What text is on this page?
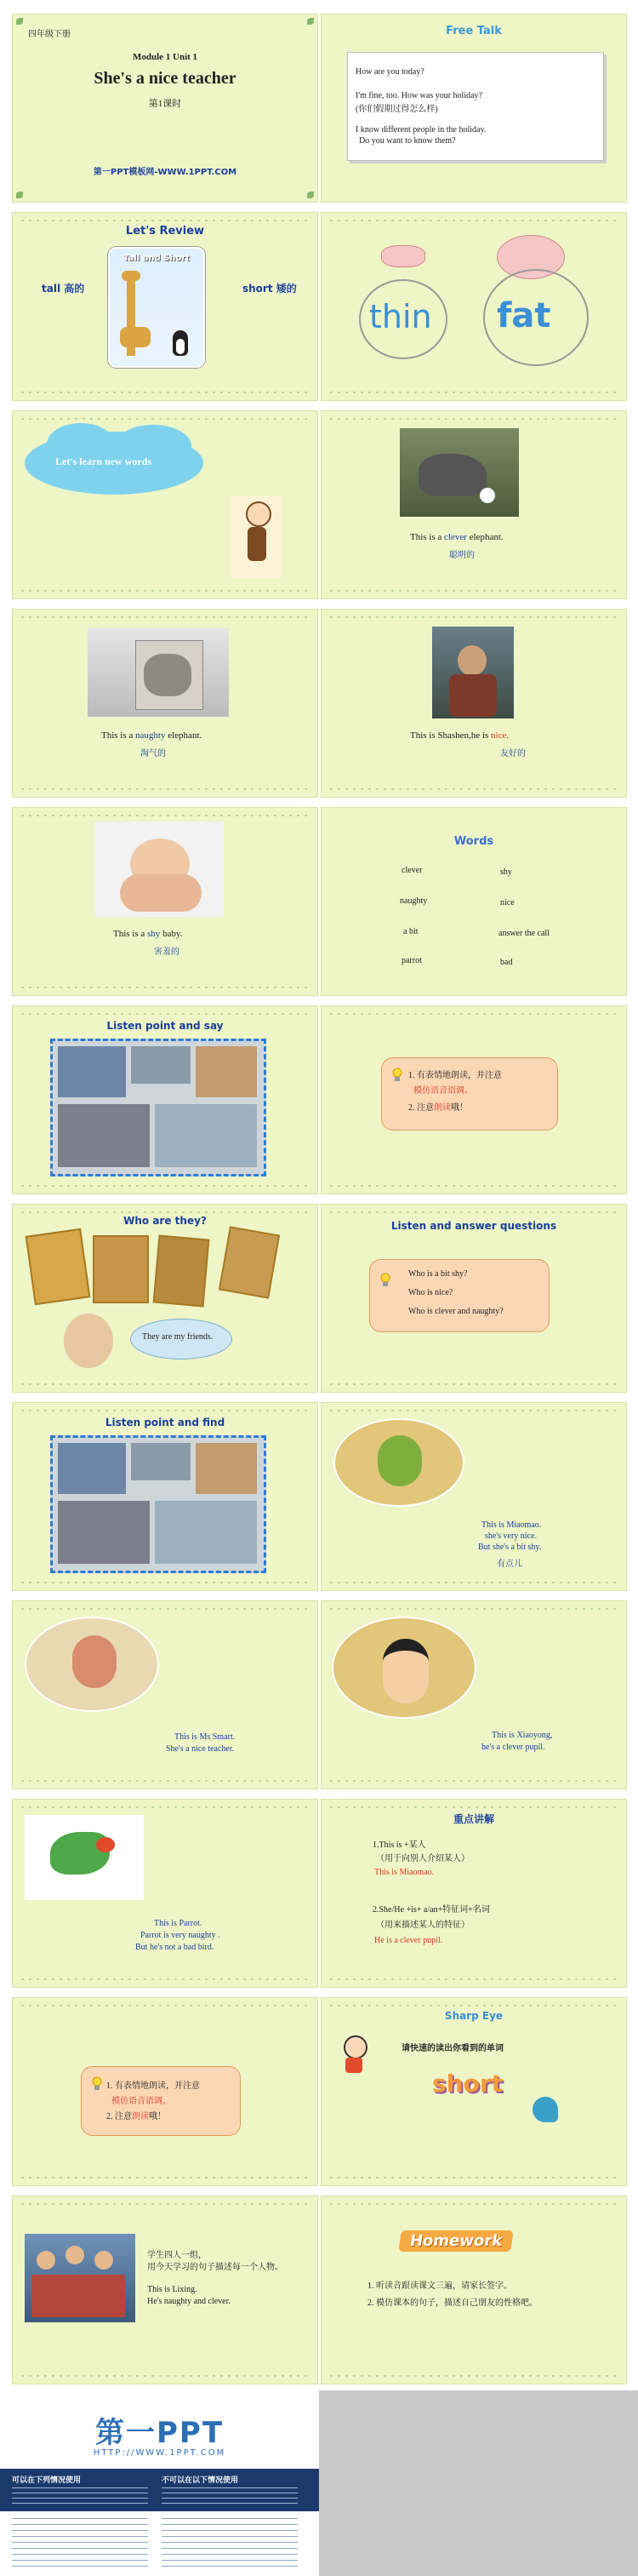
四年级下册
Module 1 Unit 1
She's a nice teacher
第1课时
第一PPT模板网-WWW.1PPT.COM
Free Talk
How are you today?
I'm fine, too. How was your holiday?
(你们假期过得怎么样)
I know different people in the holiday.
Do you want to know them?
Let's Review
tall 高的
Tall and Short
short 矮的
thin fat
Let's learn new words
This is a clever elephant.
聪明的
This is a naughty elephant.
淘气的
This is Shashen,he is nice.
友好的
This is a shy baby.
害羞的
Words
clever
naughty
a bit
parrot
shy
nice
answer the call
bad
Listen point and say
1. 有表情地朗读，并注意
模仿语音语调。
2. 注意朗读哦！
Who are they?
They are my friends.
Listen and answer questions
Who is a bit shy?
Who is nice?
Who is clever and naughty?
Listen point and find
This is Miaomao.
she's very nice.
But she's a bit shy.
有点儿
This is Ms Smart.
She's a nice teacher.
This is Xiaoyong,
he's a clever pupil.
This is Parrot.
Parrot is very naughty .
But he's not a bad bird.
重点讲解
1.This is +某人
（用于向别人介绍某人）
This is Miaomao.
2.She/He +is+ a/an+特征词+名词
（用来描述某人的特征）
He is a clever pupil.
1. 有表情地朗读，并注意
模仿语音语调。
2. 注意朗读哦！
Sharp Eye
请快速的读出你看到的单词
short
学生四人一组，
用今天学习的句子描述每一个人物。
This is Lixing.
He's naughty and clever.
Homework
1. 听读音跟读课文三遍，请家长签字。
2. 模仿课本的句子，描述自己朋友的性格吧。
第一PPT
HTTP://WWW.1PPT.COM
可以在下列情况使用	不可以在以下情况使用
